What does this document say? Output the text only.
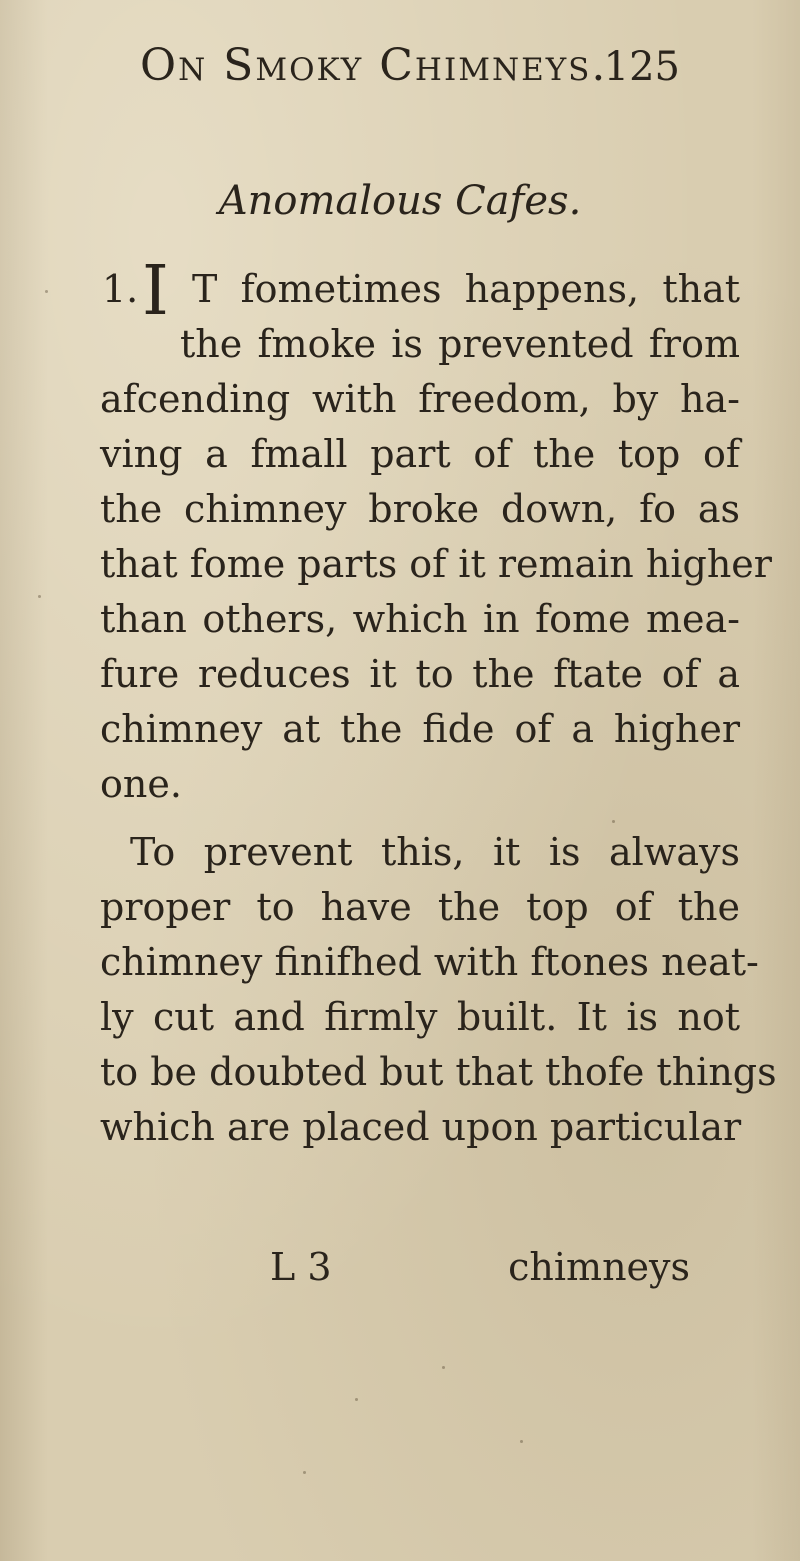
On Smoky Chimneys.
125
Anomalous Cafes.
1. I T fometimes happens, that
the fmoke is prevented from
afcending with freedom, by ha-
ving a fmall part of the top of
the chimney broke down, fo as
that fome parts of it remain higher
than others, which in fome mea-
fure reduces it to the ftate of a
chimney at the fide of a higher
one.
To prevent this, it is always
proper to have the top of the
chimney finifhed with ftones neat-
ly cut and firmly built. It is not
to be doubted but that thofe things
which are placed upon particular
L 3	chimneys
